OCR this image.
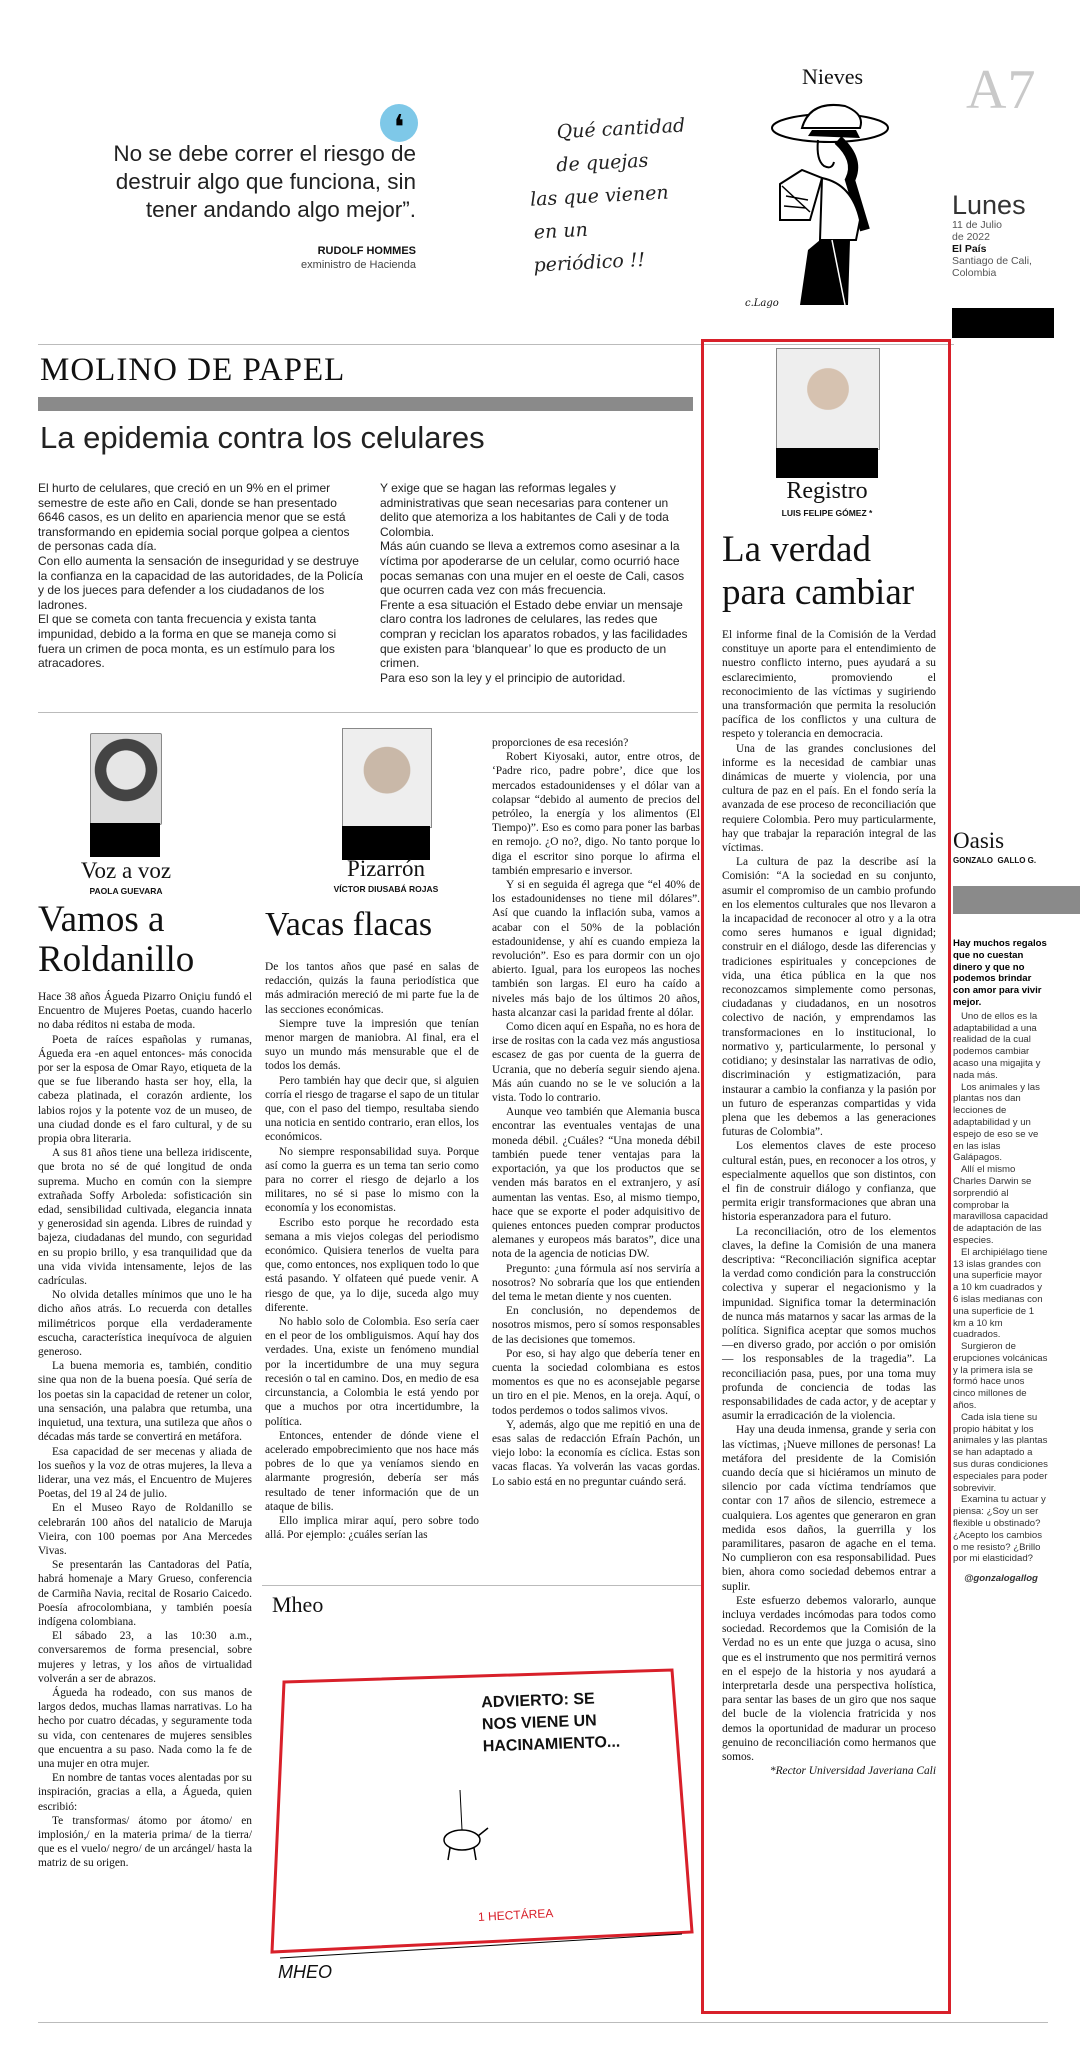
A7
Lunes
11 de Julio
de 2022
El País
Santiago de Cali,
Colombia
❛
No se debe correr el riesgo de destruir algo que funciona, sin tener andando algo mejor”.
RUDOLF HOMMES
exministro de Hacienda
Nieves
Qué cantidad
de quejas
las que vienen
en un
periódico !!
c.Lago
MOLINO DE PAPEL
La epidemia contra los celulares
El hurto de celulares, que creció en un 9% en el primer semestre de este año en Cali, donde se han presentado 6646 casos, es un delito en apariencia menor que se está transformando en epidemia social porque golpea a cientos de personas cada día.
Con ello aumenta la sensación de inseguridad y se destruye la confianza en la capacidad de las autoridades, de la Policía y de los jueces para defender a los ciudadanos de los ladrones.
El que se cometa con tanta frecuencia y exista tanta impunidad, debido a la forma en que se maneja como si fuera un crimen de poca monta, es un estímulo para los atracadores.
Y exige que se hagan las reformas legales y administrativas que sean necesarias para contener un delito que atemoriza a los habitantes de Cali y de toda Colombia.
Más aún cuando se lleva a extremos como asesinar a la víctima por apoderarse de un celular, como ocurrió hace pocas semanas con una mujer en el oeste de Cali, casos que ocurren cada vez con más frecuencia.
Frente a esa situación el Estado debe enviar un mensaje claro contra los ladrones de celulares, las redes que compran y reciclan los aparatos robados, y las facilidades que existen para ‘blanquear’ lo que es producto de un crimen.
Para eso son la ley y el principio de autoridad.
Voz a voz
PAOLA GUEVARA
Vamos a Roldanillo

Hace 38 años Águeda Pizarro Oniçiu fundó el Encuentro de Mujeres Poetas, cuando hacerlo no daba réditos ni estaba de moda.

Poeta de raíces españolas y rumanas, Águeda era -en aquel entonces- más conocida por ser la esposa de Omar Rayo, etiqueta de la que se fue liberando hasta ser hoy, ella, la cabeza platinada, el corazón ardiente, los labios rojos y la potente voz de un museo, de una ciudad donde es el faro cultural, y de su propia obra literaria.

A sus 81 años tiene una belleza iridiscente, que brota no sé de qué longitud de onda suprema. Mucho en común con la siempre extrañada Soffy Arboleda: sofisticación sin edad, sensibilidad cultivada, elegancia innata y generosidad sin agenda. Libres de ruindad y bajeza, ciudadanas del mundo, con seguridad en su propio brillo, y esa tranquilidad que da una vida vivida intensamente, lejos de las cadrículas.

No olvida detalles mínimos que uno le ha dicho años atrás. Lo recuerda con detalles milimétricos porque ella verdaderamente escucha, característica inequívoca de alguien generoso.

La buena memoria es, también, conditio sine qua non de la buena poesía. Qué sería de los poetas sin la capacidad de retener un color, una sensación, una palabra que retumba, una inquietud, una textura, una sutileza que años o décadas más tarde se convertirá en metáfora.

Esa capacidad de ser mecenas y aliada de los sueños y la voz de otras mujeres, la lleva a liderar, una vez más, el Encuentro de Mujeres Poetas, del 19 al 24 de julio.

En el Museo Rayo de Roldanillo se celebrarán 100 años del natalicio de Maruja Vieira, con 100 poemas por Ana Mercedes Vivas.

Se presentarán las Cantadoras del Patía, habrá homenaje a Mary Grueso, conferencia de Carmiña Navia, recital de Rosario Caicedo. Poesía afrocolombiana, y también poesía indígena colombiana.

El sábado 23, a las 10:30 a.m., conversaremos de forma presencial, sobre mujeres y letras, y los años de virtualidad volverán a ser de abrazos.

Águeda ha rodeado, con sus manos de largos dedos, muchas llamas narrativas. Lo ha hecho por cuatro décadas, y seguramente toda su vida, con centenares de mujeres sensibles que encuentra a su paso. Nada como la fe de una mujer en otra mujer.

En nombre de tantas voces alentadas por su inspiración, gracias a ella, a Águeda, quien escribió:

Te transformas/ átomo por átomo/ en implosión,/ en la materia prima/ de la tierra/ que es el vuelo/ negro/ de un arcángel/ hasta la matriz de su origen.

Pizarrón
VÍCTOR DIUSABÁ ROJAS
Vacas flacas

De los tantos años que pasé en salas de redacción, quizás la fauna periodística que más admiración mereció de mi parte fue la de las secciones económicas.

Siempre tuve la impresión que tenían menor margen de maniobra. Al final, era el suyo un mundo más mensurable que el de todos los demás.

Pero también hay que decir que, si alguien corría el riesgo de tragarse el sapo de un titular que, con el paso del tiempo, resultaba siendo una noticia en sentido contrario, eran ellos, los económicos.

No siempre responsabilidad suya. Porque así como la guerra es un tema tan serio como para no correr el riesgo de dejarlo a los militares, no sé si pase lo mismo con la economía y los economistas.

Escribo esto porque he recordado esta semana a mis viejos colegas del periodismo económico. Quisiera tenerlos de vuelta para que, como entonces, nos expliquen todo lo que está pasando. Y olfateen qué puede venir. A riesgo de que, ya lo dije, suceda algo muy diferente.

No hablo solo de Colombia. Eso sería caer en el peor de los ombliguismos. Aquí hay dos verdades. Una, existe un fenómeno mundial por la incertidumbre de una muy segura recesión o tal en camino. Dos, en medio de esa circunstancia, a Colombia le está yendo por que a muchos por otra incertidumbre, la política.

Entonces, entender de dónde viene el acelerado empobrecimiento que nos hace más pobres de lo que ya veníamos siendo en alarmante progresión, debería ser más resultado de tener información que de un ataque de bilis.

Ello implica mirar aquí, pero sobre todo allá. Por ejemplo: ¿cuáles serían las

proporciones de esa recesión?

Robert Kiyosaki, autor, entre otros, de ‘Padre rico, padre pobre’, dice que los mercados estadounidenses y el dólar van a colapsar “debido al aumento de precios del petróleo, la energía y los alimentos (El Tiempo)”. Eso es como para poner las barbas en remojo. ¿O no?, digo. No tanto porque lo diga el escritor sino porque lo afirma el también empresario e inversor.

Y si en seguida él agrega que “el 40% de los estadounidenses no tiene mil dólares”. Así que cuando la inflación suba, vamos a acabar con el 50% de la población estadounidense, y ahí es cuando empieza la revolución”. Eso es para dormir con un ojo abierto. Igual, para los europeos las noches también son largas. El euro ha caído a niveles más bajo de los últimos 20 años, hasta alcanzar casi la paridad frente al dólar.

Como dicen aquí en España, no es hora de irse de rositas con la cada vez más angustiosa escasez de gas por cuenta de la guerra de Ucrania, que no debería seguir siendo ajena. Más aún cuando no se le ve solución a la vista. Todo lo contrario.

Aunque veo también que Alemania busca encontrar las eventuales ventajas de una moneda débil. ¿Cuáles? “Una moneda débil también puede tener ventajas para la exportación, ya que los productos que se venden más baratos en el extranjero, y así aumentan las ventas. Eso, al mismo tiempo, hace que se exporte el poder adquisitivo de quienes entonces pueden comprar productos alemanes y europeos más baratos”, dice una nota de la agencia de noticias DW.

Pregunto: ¿una fórmula así nos serviría a nosotros? No sobraría que los que entienden del tema le metan diente y nos cuenten.

En conclusión, no dependemos de nosotros mismos, pero sí somos responsables de las decisiones que tomemos.

Por eso, si hay algo que debería tener en cuenta la sociedad colombiana es estos momentos es que no es aconsejable pegarse un tiro en el pie. Menos, en la oreja. Aquí, o todos perdemos o todos salimos vivos.

Y, además, algo que me repitió en una de esas salas de redacción Efraín Pachón, un viejo lobo: la economía es cíclica. Estas son vacas flacas. Ya volverán las vacas gordas. Lo sabio está en no preguntar cuándo será.

Mheo
ADVIERTO: SE
NOS VIENE UN
HACINAMIENTO...
1 HECTÁREA
MHEO
Registro
LUIS FELIPE GÓMEZ *
La verdad
para cambiar

El informe final de la Comisión de la Verdad constituye un aporte para el entendimiento de nuestro conflicto interno, pues ayudará a su esclarecimiento, promoviendo el reconocimiento de las víctimas y sugiriendo una transformación que permita la resolución pacífica de los conflictos y una cultura de respeto y tolerancia en democracia.

Una de las grandes conclusiones del informe es la necesidad de cambiar unas dinámicas de muerte y violencia, por una cultura de paz en el país. En el fondo sería la avanzada de ese proceso de reconciliación que requiere Colombia. Pero muy particularmente, hay que trabajar la reparación integral de las víctimas.

La cultura de paz la describe así la Comisión: “A la sociedad en su conjunto, asumir el compromiso de un cambio profundo en los elementos culturales que nos llevaron a la incapacidad de reconocer al otro y a la otra como seres humanos e igual dignidad; construir en el diálogo, desde las diferencias y tradiciones espirituales y concepciones de vida, una ética pública en la que nos reconozcamos simplemente como personas, ciudadanas y ciudadanos, en un nosotros colectivo de nación, y emprendamos las transformaciones en lo institucional, lo normativo y, particularmente, lo personal y cotidiano; y desinstalar las narrativas de odio, discriminación y estigmatización, para instaurar a cambio la confianza y la pasión por un futuro de esperanzas compartidas y vida plena que les debemos a las generaciones futuras de Colombia”.

Los elementos claves de este proceso cultural están, pues, en reconocer a los otros, y especialmente aquellos que son distintos, con el fin de construir diálogo y confianza, que permita erigir transformaciones que abran una historia esperanzadora para el futuro.

La reconciliación, otro de los elementos claves, la define la Comisión de una manera descriptiva: “Reconciliación significa aceptar la verdad como condición para la construcción colectiva y superar el negacionismo y la impunidad. Significa tomar la determinación de nunca más matarnos y sacar las armas de la política. Significa aceptar que somos muchos —en diverso grado, por acción o por omisión— los responsables de la tragedia”. La reconciliación pasa, pues, por una toma muy profunda de conciencia de todas las responsabilidades de cada actor, y de aceptar y asumir la erradicación de la violencia.

Hay una deuda inmensa, grande y seria con las víctimas, ¡Nueve millones de personas! La metáfora del presidente de la Comisión cuando decía que si hiciéramos un minuto de silencio por cada víctima tendríamos que contar con 17 años de silencio, estremece a cualquiera. Los agentes que generaron en gran medida esos daños, la guerrilla y los paramilitares, pasaron de agache en el tema. No cumplieron con esa responsabilidad. Pues bien, ahora como sociedad debemos entrar a suplir.

Este esfuerzo debemos valorarlo, aunque incluya verdades incómodas para todos como sociedad. Recordemos que la Comisión de la Verdad no es un ente que juzga o acusa, sino que es el instrumento que nos permitirá vernos en el espejo de la historia y nos ayudará a interpretarla desde una perspectiva holística, para sentar las bases de un giro que nos saque del bucle de la violencia fratricida y nos demos la oportunidad de madurar un proceso genuino de reconciliación como hermanos que somos.

*Rector Universidad Javeriana Cali

Oasis
GONZALO GALLO G.
Hay muchos regalos que no cuestan dinero y que no podemos brindar con amor para vivir mejor.
Uno de ellos es la adaptabilidad a una realidad de la cual podemos cambiar acaso una migajita y nada más.
Los animales y las plantas nos dan lecciones de adaptabilidad y un espejo de eso se ve en las islas Galápagos.
Allí el mismo Charles Darwin se sorprendió al comprobar la maravillosa capacidad de adaptación de las especies.
El archipiélago tiene 13 islas grandes con una superficie mayor a 10 km cuadrados y 6 islas medianas con una superficie de 1 km a 10 km cuadrados.
Surgieron de erupciones volcánicas y la primera isla se formó hace unos cinco millones de años.
Cada isla tiene su propio hábitat y los animales y las plantas se han adaptado a sus duras condiciones especiales para poder sobrevivir.
Examina tu actuar y piensa: ¿Soy un ser flexible u obstinado? ¿Acepto los cambios o me resisto? ¿Brillo por mi elasticidad?
@gonzalogallog
